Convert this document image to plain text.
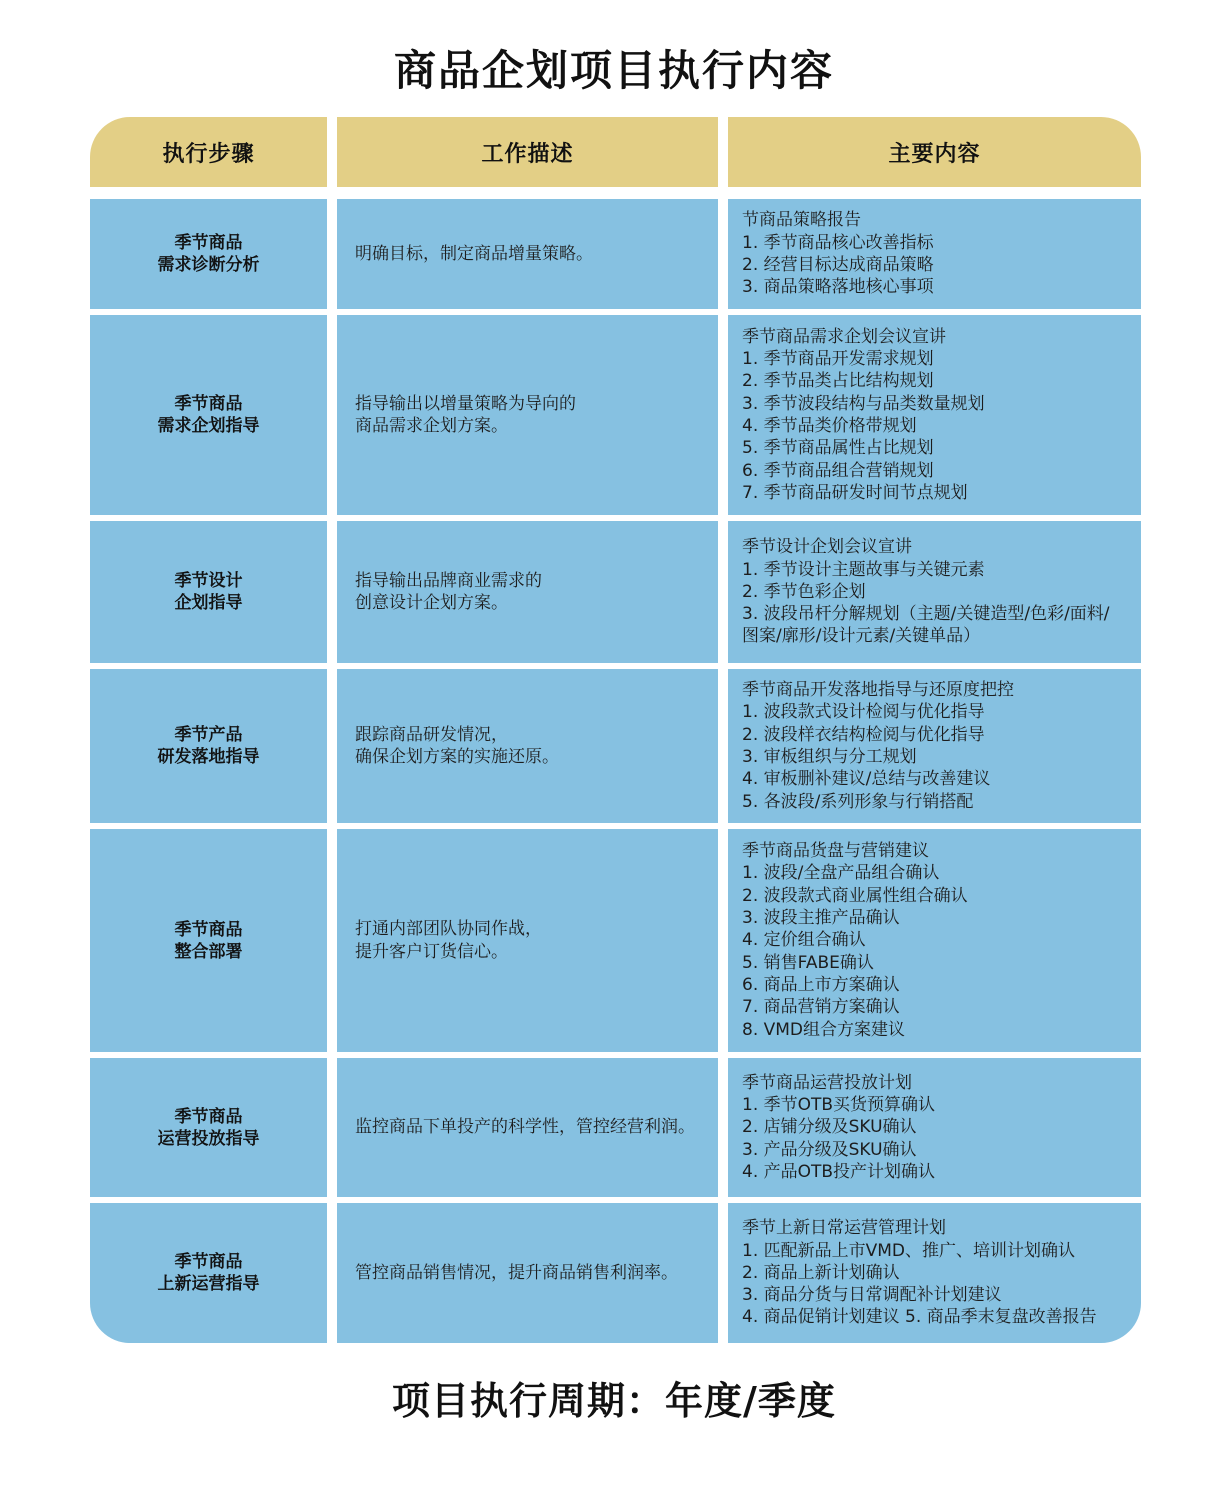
商品企划项目执行内容
执行步骤	工作描述	主要内容
季节商品
需求诊断分析
明确目标，制定商品增量策略。
节商品策略报告
1. 季节商品核心改善指标
2. 经营目标达成商品策略
3. 商品策略落地核心事项
季节商品
需求企划指导
指导输出以增量策略为导向的
商品需求企划方案。
季节商品需求企划会议宣讲
1. 季节商品开发需求规划
2. 季节品类占比结构规划
3. 季节波段结构与品类数量规划
4. 季节品类价格带规划
5. 季节商品属性占比规划
6. 季节商品组合营销规划
7. 季节商品研发时间节点规划
季节设计
企划指导
指导输出品牌商业需求的
创意设计企划方案。
季节设计企划会议宣讲
1. 季节设计主题故事与关键元素
2. 季节色彩企划
3. 波段吊杆分解规划（主题/关键造型/色彩/面料/
图案/廓形/设计元素/关键单品）
季节产品
研发落地指导
跟踪商品研发情况，
确保企划方案的实施还原。
季节商品开发落地指导与还原度把控
1. 波段款式设计检阅与优化指导
2. 波段样衣结构检阅与优化指导
3. 审板组织与分工规划
4. 审板删补建议/总结与改善建议
5. 各波段/系列形象与行销搭配
季节商品
整合部署
打通内部团队协同作战，
提升客户订货信心。
季节商品货盘与营销建议
1. 波段/全盘产品组合确认
2. 波段款式商业属性组合确认
3. 波段主推产品确认
4. 定价组合确认
5. 销售FABE确认
6. 商品上市方案确认
7. 商品营销方案确认
8. VMD组合方案建议
季节商品
运营投放指导
监控商品下单投产的科学性，管控经营利润。
季节商品运营投放计划
1. 季节OTB买货预算确认
2. 店铺分级及SKU确认
3. 产品分级及SKU确认
4. 产品OTB投产计划确认
季节商品
上新运营指导
管控商品销售情况，提升商品销售利润率。
季节上新日常运营管理计划
1. 匹配新品上市VMD、推广、培训计划确认
2. 商品上新计划确认
3. 商品分货与日常调配补计划建议
4. 商品促销计划建议 5. 商品季末复盘改善报告
项目执行周期：年度/季度
